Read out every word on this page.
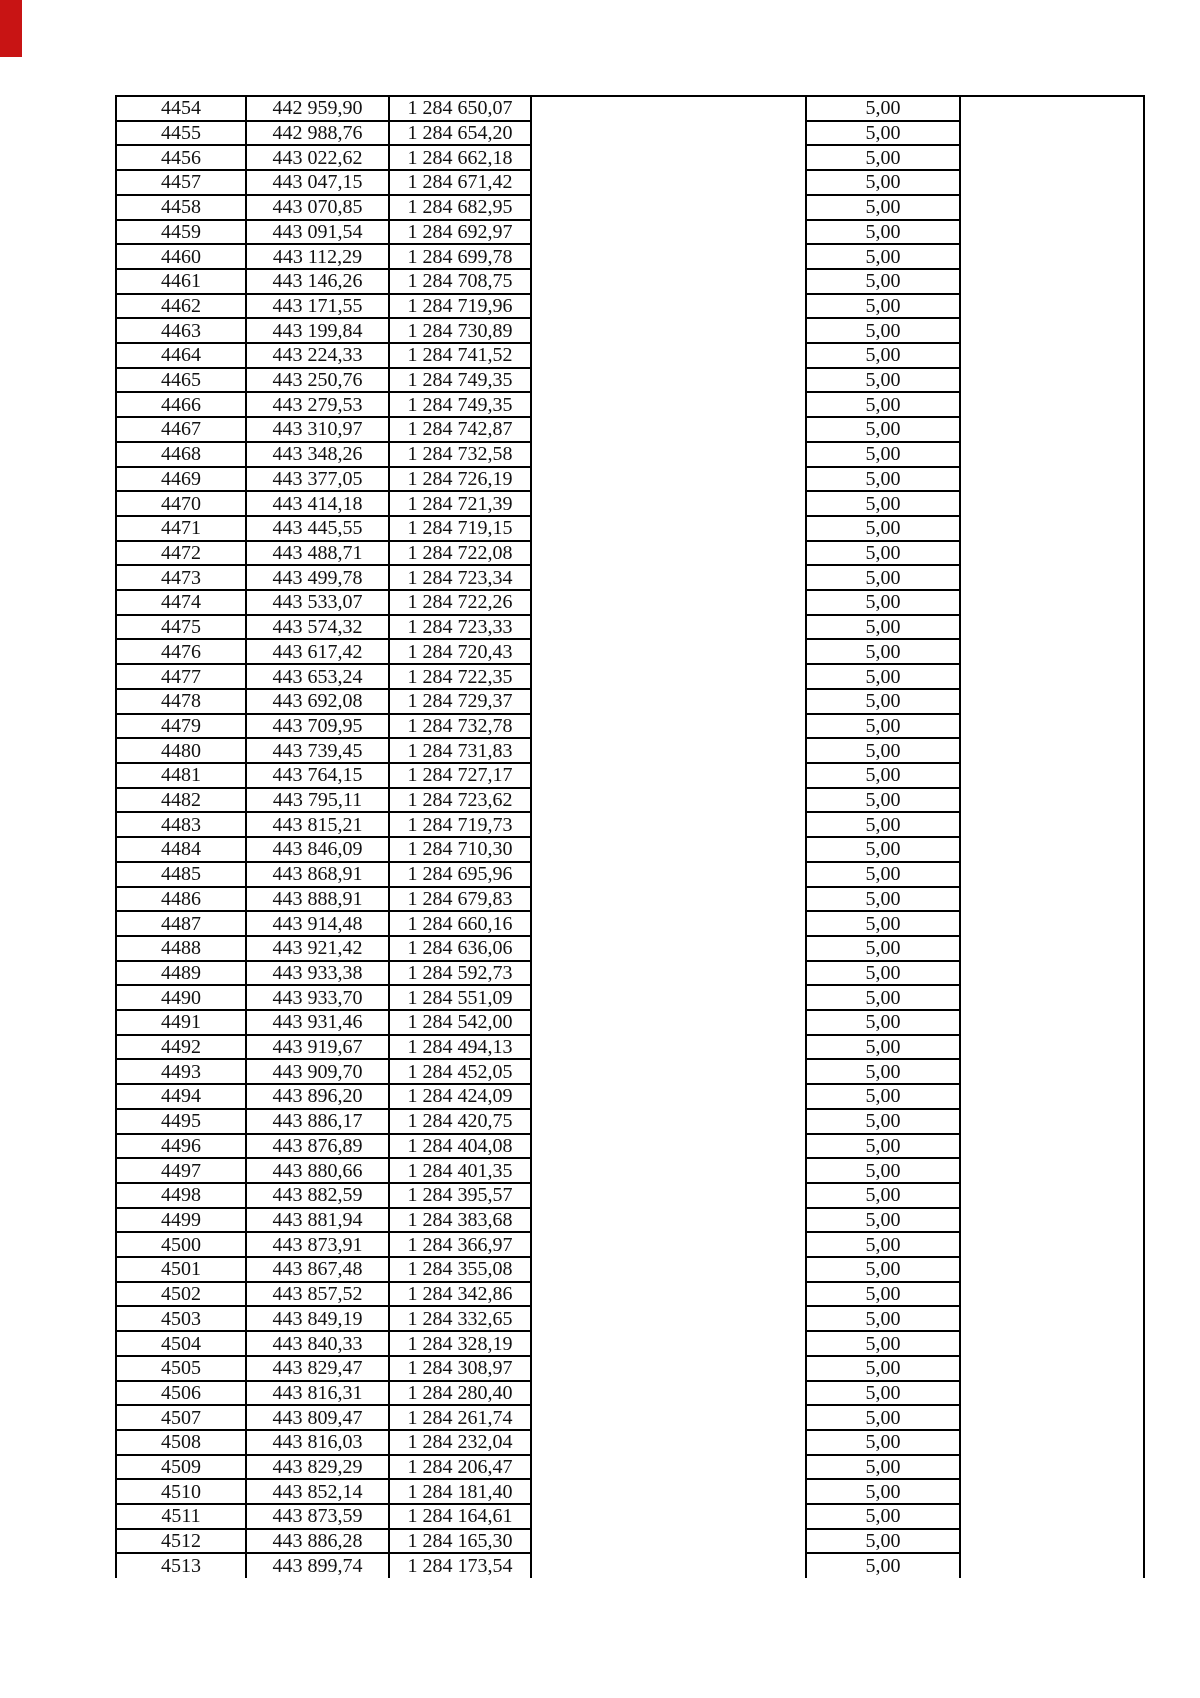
4454	442 959,90	1 284 650,07		5,00	
4455	442 988,76	1 284 654,20		5,00	
4456	443 022,62	1 284 662,18		5,00	
4457	443 047,15	1 284 671,42		5,00	
4458	443 070,85	1 284 682,95		5,00	
4459	443 091,54	1 284 692,97		5,00	
4460	443 112,29	1 284 699,78		5,00	
4461	443 146,26	1 284 708,75		5,00	
4462	443 171,55	1 284 719,96		5,00	
4463	443 199,84	1 284 730,89		5,00	
4464	443 224,33	1 284 741,52		5,00	
4465	443 250,76	1 284 749,35		5,00	
4466	443 279,53	1 284 749,35		5,00	
4467	443 310,97	1 284 742,87		5,00	
4468	443 348,26	1 284 732,58		5,00	
4469	443 377,05	1 284 726,19		5,00	
4470	443 414,18	1 284 721,39		5,00	
4471	443 445,55	1 284 719,15		5,00	
4472	443 488,71	1 284 722,08		5,00	
4473	443 499,78	1 284 723,34		5,00	
4474	443 533,07	1 284 722,26		5,00	
4475	443 574,32	1 284 723,33		5,00	
4476	443 617,42	1 284 720,43		5,00	
4477	443 653,24	1 284 722,35		5,00	
4478	443 692,08	1 284 729,37		5,00	
4479	443 709,95	1 284 732,78		5,00	
4480	443 739,45	1 284 731,83		5,00	
4481	443 764,15	1 284 727,17		5,00	
4482	443 795,11	1 284 723,62		5,00	
4483	443 815,21	1 284 719,73		5,00	
4484	443 846,09	1 284 710,30		5,00	
4485	443 868,91	1 284 695,96		5,00	
4486	443 888,91	1 284 679,83		5,00	
4487	443 914,48	1 284 660,16		5,00	
4488	443 921,42	1 284 636,06		5,00	
4489	443 933,38	1 284 592,73		5,00	
4490	443 933,70	1 284 551,09		5,00	
4491	443 931,46	1 284 542,00		5,00	
4492	443 919,67	1 284 494,13		5,00	
4493	443 909,70	1 284 452,05		5,00	
4494	443 896,20	1 284 424,09		5,00	
4495	443 886,17	1 284 420,75		5,00	
4496	443 876,89	1 284 404,08		5,00	
4497	443 880,66	1 284 401,35		5,00	
4498	443 882,59	1 284 395,57		5,00	
4499	443 881,94	1 284 383,68		5,00	
4500	443 873,91	1 284 366,97		5,00	
4501	443 867,48	1 284 355,08		5,00	
4502	443 857,52	1 284 342,86		5,00	
4503	443 849,19	1 284 332,65		5,00	
4504	443 840,33	1 284 328,19		5,00	
4505	443 829,47	1 284 308,97		5,00	
4506	443 816,31	1 284 280,40		5,00	
4507	443 809,47	1 284 261,74		5,00	
4508	443 816,03	1 284 232,04		5,00	
4509	443 829,29	1 284 206,47		5,00	
4510	443 852,14	1 284 181,40		5,00	
4511	443 873,59	1 284 164,61		5,00	
4512	443 886,28	1 284 165,30		5,00	
4513	443 899,74	1 284 173,54		5,00	
